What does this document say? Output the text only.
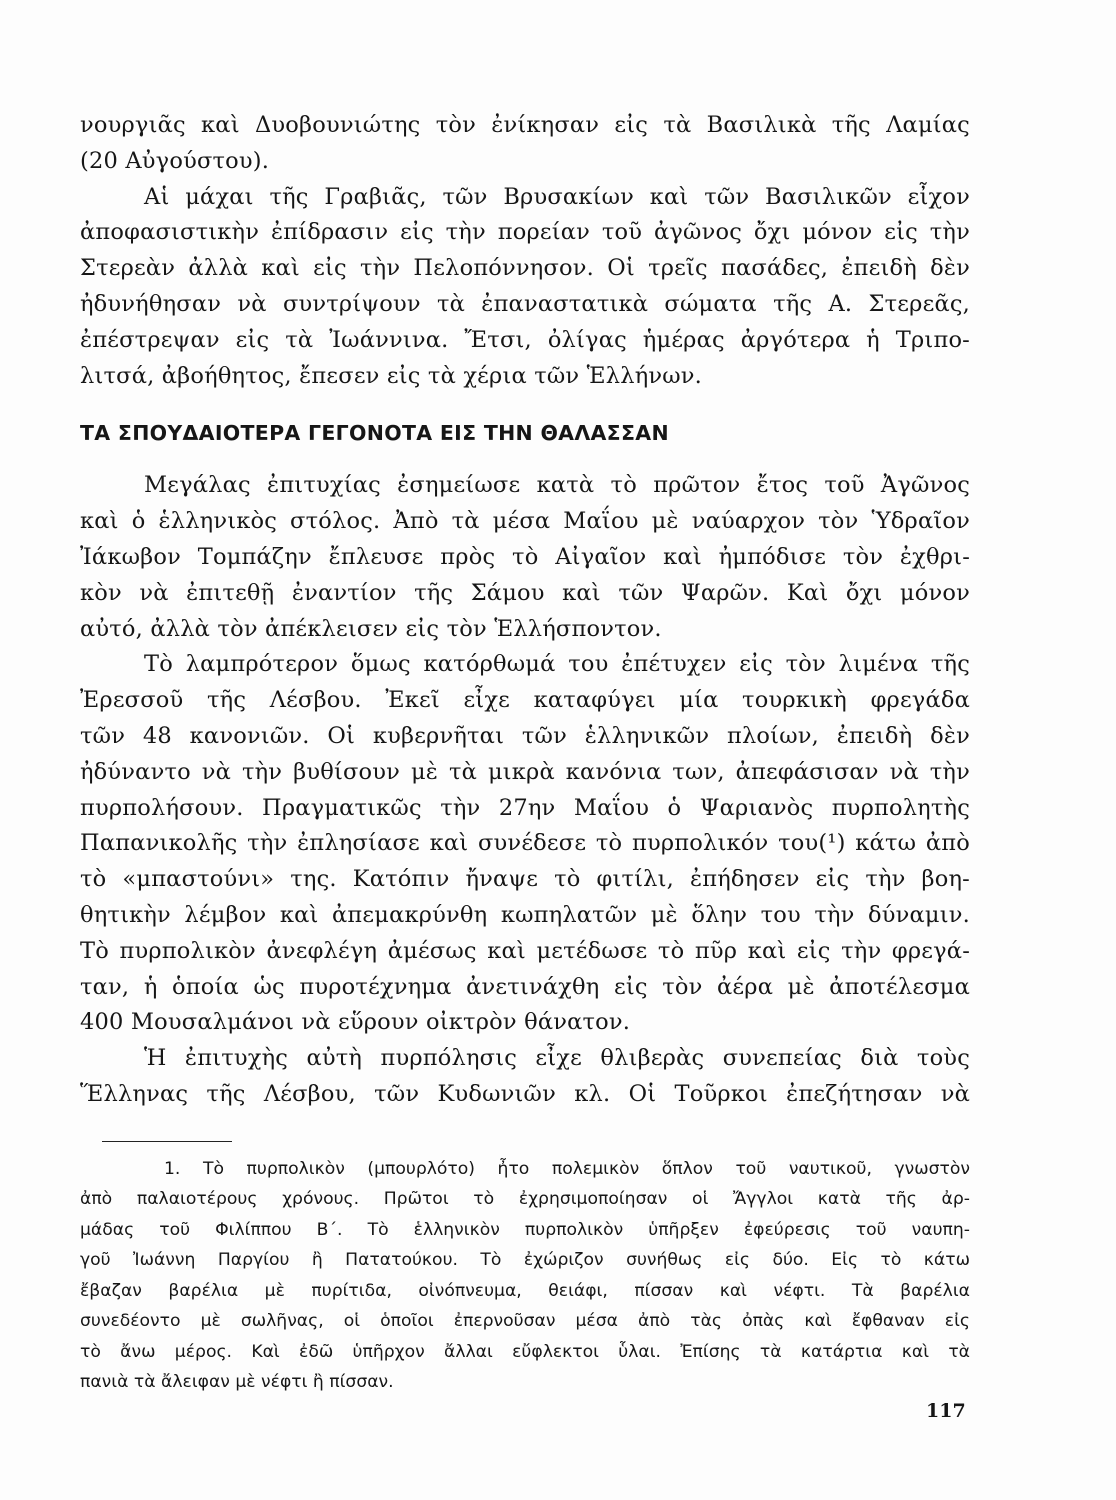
νουργιᾶς καὶ Δυοβουνιώτης τὸν ἐνίκησαν εἰς τὰ Βασιλικὰ τῆς Λαμίας
(20 Αὐγούστου).
Αἱ μάχαι τῆς Γραβιᾶς, τῶν Βρυσακίων καὶ τῶν Βασιλικῶν εἶχον
ἀποφασιστικὴν ἐπίδρασιν εἰς τὴν πορείαν τοῦ ἀγῶνος ὄχι μόνον εἰς τὴν
Στερεὰν ἀλλὰ καὶ εἰς τὴν Πελοπόννησον. Οἱ τρεῖς πασάδες, ἐπειδὴ δὲν
ἠδυνήθησαν νὰ συντρίψουν τὰ ἐπαναστατικὰ σώματα τῆς Α. Στερεᾶς,
ἐπέστρεψαν εἰς τὰ Ἰωάννινα. Ἔτσι, ὀλίγας ἡμέρας ἀργότερα ἡ Τριπο-
λιτσά, ἀβοήθητος, ἔπεσεν εἰς τὰ χέρια τῶν Ἑλλήνων.
ΤΑ ΣΠΟΥΔΑΙΟΤΕΡΑ ΓΕΓΟΝΟΤΑ ΕΙΣ ΤΗΝ ΘΑΛΑΣΣΑΝ
Μεγάλας ἐπιτυχίας ἐσημείωσε κατὰ τὸ πρῶτον ἔτος τοῦ Ἀγῶνος
καὶ ὁ ἑλληνικὸς στόλος. Ἀπὸ τὰ μέσα Μαΐου μὲ ναύαρχον τὸν Ὑδραῖον
Ἰάκωβον Τομπάζην ἔπλευσε πρὸς τὸ Αἰγαῖον καὶ ἠμπόδισε τὸν ἐχθρι-
κὸν νὰ ἐπιτεθῇ ἐναντίον τῆς Σάμου καὶ τῶν Ψαρῶν. Καὶ ὄχι μόνον
αὐτό, ἀλλὰ τὸν ἀπέκλεισεν εἰς τὸν Ἑλλήσποντον.
Τὸ λαμπρότερον ὅμως κατόρθωμά του ἐπέτυχεν εἰς τὸν λιμένα τῆς
Ἐρεσσοῦ τῆς Λέσβου. Ἐκεῖ εἶχε καταφύγει μία τουρκικὴ φρεγάδα
τῶν 48 κανονιῶν. Οἱ κυβερνῆται τῶν ἑλληνικῶν πλοίων, ἐπειδὴ δὲν
ἠδύναντο νὰ τὴν βυθίσουν μὲ τὰ μικρὰ κανόνια των, ἀπεφάσισαν νὰ τὴν
πυρπολήσουν. Πραγματικῶς τὴν 27ην Μαΐου ὁ Ψαριανὸς πυρπολητὴς
Παπανικολῆς τὴν ἐπλησίασε καὶ συνέδεσε τὸ πυρπολικόν του(¹) κάτω ἀπὸ
τὸ «μπαστούνι» της. Κατόπιν ἤναψε τὸ φιτίλι, ἐπήδησεν εἰς τὴν βοη-
θητικὴν λέμβον καὶ ἀπεμακρύνθη κωπηλατῶν μὲ ὅλην του τὴν δύναμιν.
Τὸ πυρπολικὸν ἀνεφλέγη ἀμέσως καὶ μετέδωσε τὸ πῦρ καὶ εἰς τὴν φρεγά-
ταν, ἡ ὁποία ὡς πυροτέχνημα ἀνετινάχθη εἰς τὸν ἀέρα μὲ ἀποτέλεσμα
400 Μουσαλμάνοι νὰ εὕρουν οἰκτρὸν θάνατον.
Ἡ ἐπιτυχὴς αὐτὴ πυρπόλησις εἶχε θλιβερὰς συνεπείας διὰ τοὺς
Ἕλληνας τῆς Λέσβου, τῶν Κυδωνιῶν κλ. Οἱ Τοῦρκοι ἐπεζήτησαν νὰ
1. Τὸ πυρπολικὸν (μπουρλότο) ἦτο πολεμικὸν ὅπλον τοῦ ναυτικοῦ, γνωστὸν
ἀπὸ παλαιοτέρους χρόνους. Πρῶτοι τὸ ἐχρησιμοποίησαν οἱ Ἄγγλοι κατὰ τῆς ἀρ-
μάδας τοῦ Φιλίππου Β΄. Τὸ ἑλληνικὸν πυρπολικὸν ὑπῆρξεν ἐφεύρεσις τοῦ ναυπη-
γοῦ Ἰωάννη Παργίου ἢ Πατατούκου. Τὸ ἐχώριζον συνήθως εἰς δύο. Εἰς τὸ κάτω
ἔβαζαν βαρέλια μὲ πυρίτιδα, οἰνόπνευμα, θειάφι, πίσσαν καὶ νέφτι. Τὰ βαρέλια
συνεδέοντο μὲ σωλῆνας, οἱ ὁποῖοι ἐπερνοῦσαν μέσα ἀπὸ τὰς ὀπὰς καὶ ἔφθαναν εἰς
τὸ ἄνω μέρος. Καὶ ἐδῶ ὑπῆρχον ἄλλαι εὔφλεκτοι ὗλαι. Ἐπίσης τὰ κατάρτια καὶ τὰ
πανιὰ τὰ ἄλειφαν μὲ νέφτι ἢ πίσσαν.
117
